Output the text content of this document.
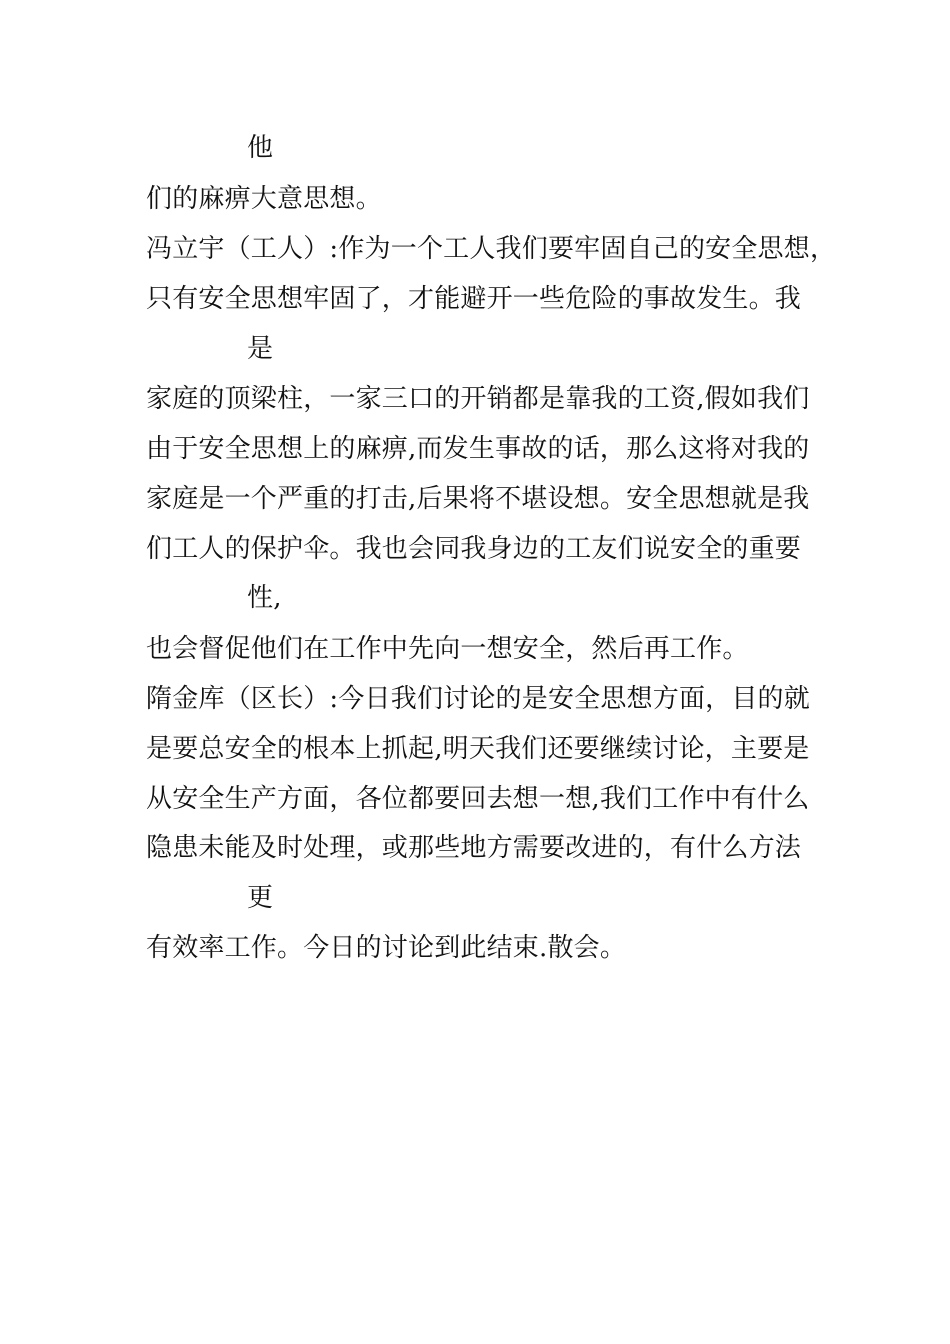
他
们的麻痹大意思想。
冯立宇（工人）:作为一个工人我们要牢固自己的安全思想，
只有安全思想牢固了，才能避开一些危险的事故发生。我
是
家庭的顶梁柱，一家三口的开销都是靠我的工资,假如我们
由于安全思想上的麻痹,而发生事故的话，那么这将对我的
家庭是一个严重的打击,后果将不堪设想。安全思想就是我
们工人的保护伞。我也会同我身边的工友们说安全的重要
性,
也会督促他们在工作中先向一想安全，然后再工作。
隋金库（区长）:今日我们讨论的是安全思想方面，目的就
是要总安全的根本上抓起,明天我们还要继续讨论，主要是
从安全生产方面，各位都要回去想一想,我们工作中有什么
隐患未能及时处理，或那些地方需要改进的，有什么方法
更
有效率工作。今日的讨论到此结束.散会。
